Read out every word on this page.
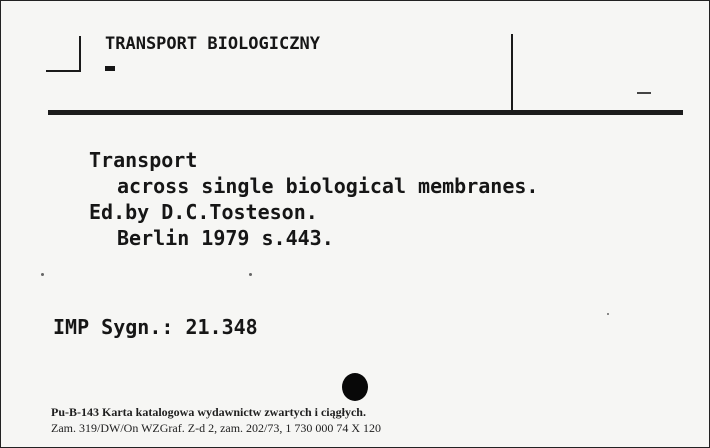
TRANSPORT BIOLOGICZNY
Transport
across single biological membranes.
Ed.by D.C.Tosteson.
Berlin 1979 s.443.
IMP Sygn.: 21.348
Pu-B-143 Karta katalogowa wydawnictw zwartych i ciągłych.
Zam. 319/DW/On WZGraf. Z-d 2, zam. 202/73, 1 730 000 74 X 120
